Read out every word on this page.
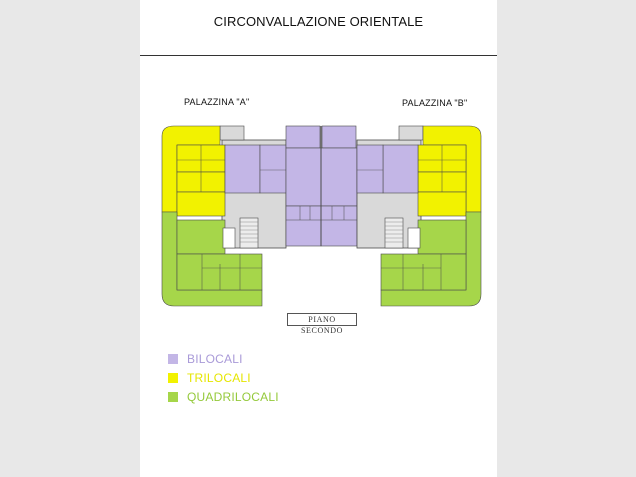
CIRCONVALLAZIONE ORIENTALE
PALAZZINA "A"	PALAZZINA "B"
PIANO SECONDO
BILOCALI
TRILOCALI
QUADRILOCALI
